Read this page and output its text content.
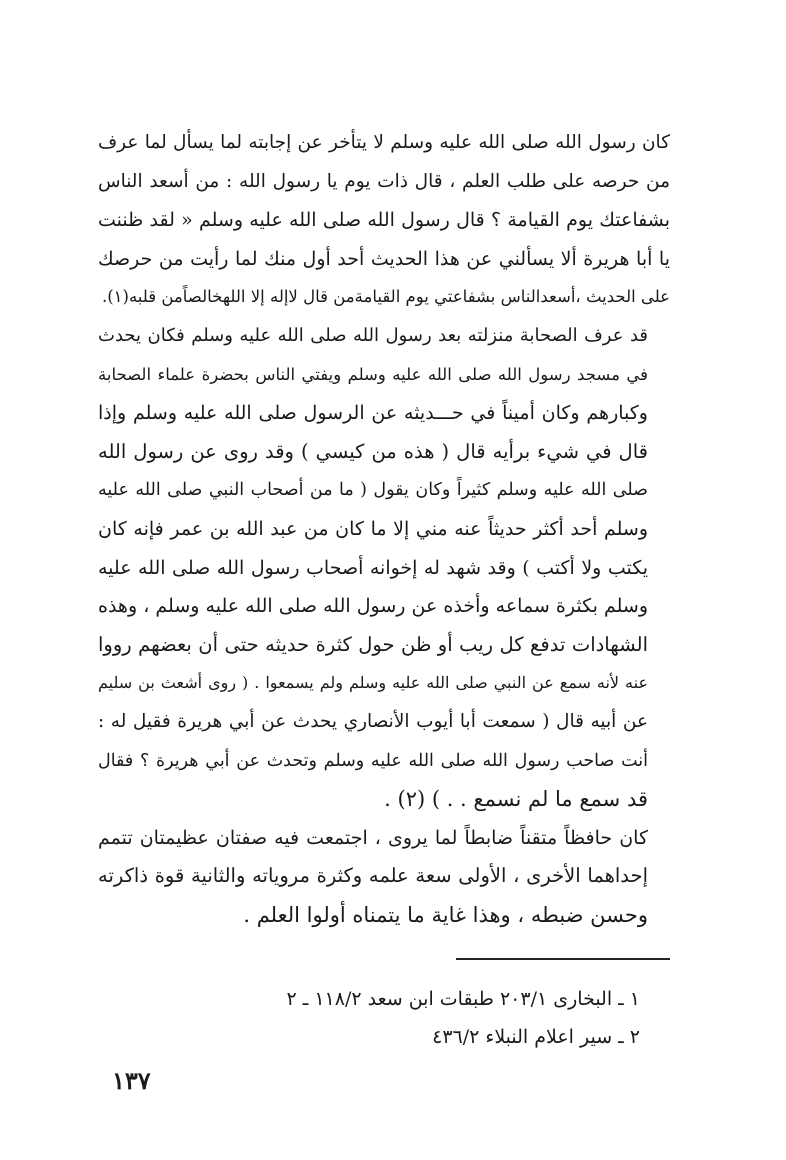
كان رسول الله صلى الله عليه وسلم لا يتأخر عن إجابته لما يسأل لما عرف
من حرصه على طلب العلم ، قال ذات يوم يا رسول الله : من أسعد الناس
بشفاعتك يوم القيامة ؟ قال رسول الله صلى الله عليه وسلم « لقد ظننت
يا أبا هريرة ألا يسألني عن هذا الحديث أحد أول منك لما رأيت من حرصك
على الحديث ،أسعدالناس بشفاعتي يوم القيامةمن قال لاإله إلا اللهخالصاًمن قلبه(١).

قد عرف الصحابة منزلته بعد رسول الله صلى الله عليه وسلم فكان يحدث
في مسجد رسول الله صلى الله عليه وسلم ويفتي الناس بحضرة علماء الصحابة
وكبارهم وكان أميناً في حـــديثه عن الرسول صلى الله عليه وسلم وإذا
قال في شيء برأيه قال ( هذه من كيسي ) وقد روى عن رسول الله
صلى الله عليه وسلم كثيراً وكان يقول ( ما من أصحاب النبي صلى الله عليه
وسلم أحد أكثر حديثاً عنه مني إلا ما كان من عبد الله بن عمر فإنه كان
يكتب ولا أكتب ) وقد شهد له إخوانه أصحاب رسول الله صلى الله عليه
وسلم بكثرة سماعه وأخذه عن رسول الله صلى الله عليه وسلم ، وهذه
الشهادات تدفع كل ريب أو ظن حول كثرة حديثه حتى أن بعضهم رووا
عنه لأنه سمع عن النبي صلى الله عليه وسلم ولم يسمعوا . ( روى أشعث بن سليم
عن أبيه قال ( سمعت أبا أيوب الأنصاري يحدث عن أبي هريرة فقيل له :
أنت صاحب رسول الله صلى الله عليه وسلم وتحدث عن أبي هريرة ؟ فقال
قد سمع ما لم نسمع . . ) (٢) .

كان حافظاً متقناً ضابطاً لما يروى ، اجتمعت فيه صفتان عظيمتان تتمم
إحداهما الأخرى ، الأولى سعة علمه وكثرة مروياته والثانية قوة ذاكرته
وحسن ضبطه ، وهذا غاية ما يتمناه أولوا العلم .

١ ـ البخارى ٢٠٣/١ طبقات ابن سعد ١١٨/٢ ـ ٢
٢ ـ سير اعلام النبلاء ٤٣٦/٢
١٣٧
